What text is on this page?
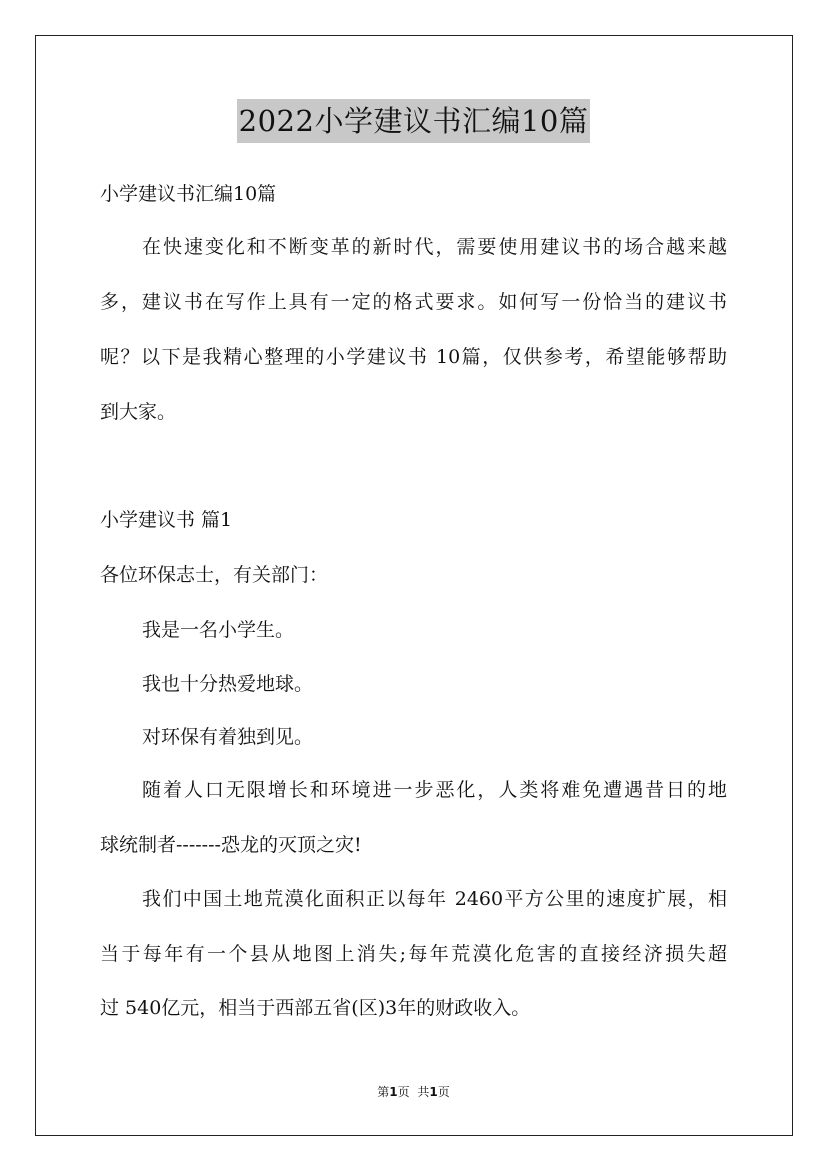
2022小学建议书汇编10篇
小学建议书汇编10篇
在快速变化和不断变革的新时代，需要使用建议书的场合越来越
多，建议书在写作上具有一定的格式要求。如何写一份恰当的建议书
呢？以下是我精心整理的小学建议书 10篇，仅供参考，希望能够帮助
到大家。
小学建议书 篇1
各位环保志士，有关部门：
我是一名小学生。
我也十分热爱地球。
对环保有着独到见。
随着人口无限增长和环境进一步恶化，人类将难免遭遇昔日的地
球统制者-------恐龙的灭顶之灾!
我们中国土地荒漠化面积正以每年 2460平方公里的速度扩展，相
当于每年有一个县从地图上消失;每年荒漠化危害的直接经济损失超
过 540亿元，相当于西部五省(区)3年的财政收入。
第1页 共1页
